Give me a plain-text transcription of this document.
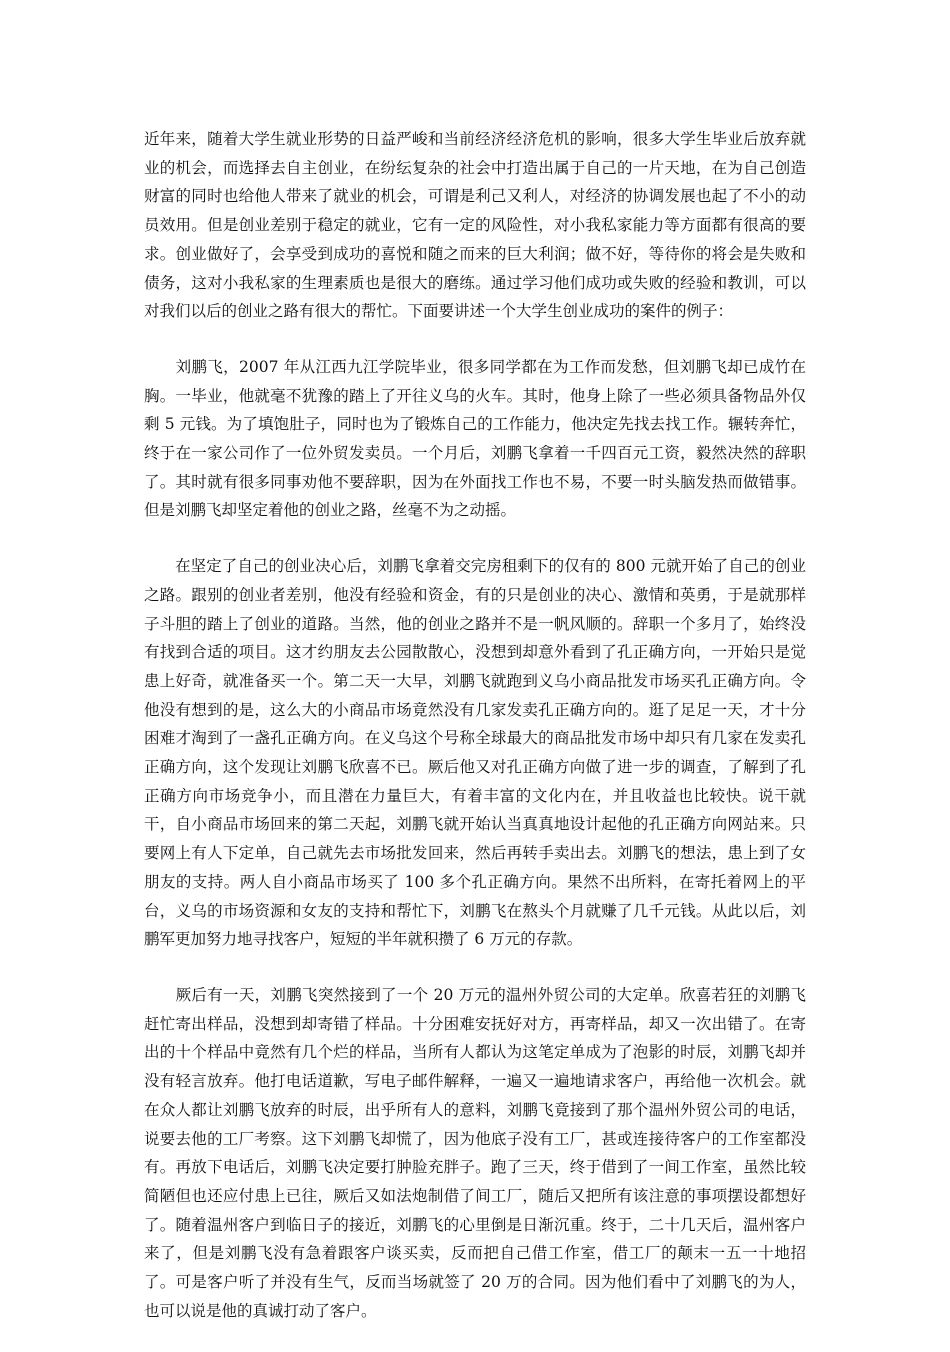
近年来，随着大学生就业形势的日益严峻和当前经济经济危机的影响，很多大学生毕业后放弃就业的机会，而选择去自主创业，在纷纭复杂的社会中打造出属于自己的一片天地，在为自己创造财富的同时也给他人带来了就业的机会，可谓是利己又利人，对经济的协调发展也起了不小的动员效用。但是创业差别于稳定的就业，它有一定的风险性，对小我私家能力等方面都有很高的要求。创业做好了，会享受到成功的喜悦和随之而来的巨大利润；做不好，等待你的将会是失败和债务，这对小我私家的生理素质也是很大的磨练。通过学习他们成功或失败的经验和教训，可以对我们以后的创业之路有很大的帮忙。下面要讲述一个大学生创业成功的案件的例子：

　　刘鹏飞，2007 年从江西九江学院毕业，很多同学都在为工作而发愁，但刘鹏飞却已成竹在胸。一毕业，他就毫不犹豫的踏上了开往义乌的火车。其时，他身上除了一些必须具备物品外仅剩 5 元钱。为了填饱肚子，同时也为了锻炼自己的工作能力，他决定先找去找工作。辗转奔忙，终于在一家公司作了一位外贸发卖员。一个月后，刘鹏飞拿着一千四百元工资，毅然决然的辞职了。其时就有很多同事劝他不要辞职，因为在外面找工作也不易，不要一时头脑发热而做错事。但是刘鹏飞却坚定着他的创业之路，丝毫不为之动摇。

　　在坚定了自己的创业决心后，刘鹏飞拿着交完房租剩下的仅有的 800 元就开始了自己的创业之路。跟别的创业者差别，他没有经验和资金，有的只是创业的决心、激情和英勇，于是就那样子斗胆的踏上了创业的道路。当然，他的创业之路并不是一帆风顺的。辞职一个多月了，始终没有找到合适的项目。这才约朋友去公园散散心，没想到却意外看到了孔正确方向，一开始只是觉患上好奇，就准备买一个。第二天一大早，刘鹏飞就跑到义乌小商品批发市场买孔正确方向。令他没有想到的是，这么大的小商品市场竟然没有几家发卖孔正确方向的。逛了足足一天，才十分困难才淘到了一盏孔正确方向。在义乌这个号称全球最大的商品批发市场中却只有几家在发卖孔正确方向，这个发现让刘鹏飞欣喜不已。厥后他又对孔正确方向做了进一步的调查，了解到了孔正确方向市场竞争小，而且潜在力量巨大，有着丰富的文化内在，并且收益也比较快。说干就干，自小商品市场回来的第二天起，刘鹏飞就开始认当真真地设计起他的孔正确方向网站来。只要网上有人下定单，自己就先去市场批发回来，然后再转手卖出去。刘鹏飞的想法，患上到了女朋友的支持。两人自小商品市场买了 100 多个孔正确方向。果然不出所料，在寄托着网上的平台，义乌的市场资源和女友的支持和帮忙下，刘鹏飞在熬头个月就赚了几千元钱。从此以后，刘鹏军更加努力地寻找客户，短短的半年就积攒了 6 万元的存款。

　　厥后有一天，刘鹏飞突然接到了一个 20 万元的温州外贸公司的大定单。欣喜若狂的刘鹏飞赶忙寄出样品，没想到却寄错了样品。十分困难安抚好对方，再寄样品，却又一次出错了。在寄出的十个样品中竟然有几个烂的样品，当所有人都认为这笔定单成为了泡影的时辰，刘鹏飞却并没有轻言放弃。他打电话道歉，写电子邮件解释，一遍又一遍地请求客户，再给他一次机会。就在众人都让刘鹏飞放弃的时辰，出乎所有人的意料，刘鹏飞竟接到了那个温州外贸公司的电话，说要去他的工厂考察。这下刘鹏飞却慌了，因为他底子没有工厂，甚或连接待客户的工作室都没有。再放下电话后，刘鹏飞决定要打肿脸充胖子。跑了三天，终于借到了一间工作室，虽然比较简陋但也还应付患上已往，厥后又如法炮制借了间工厂，随后又把所有该注意的事项摆设都想好了。随着温州客户到临日子的接近，刘鹏飞的心里倒是日渐沉重。终于，二十几天后，温州客户来了，但是刘鹏飞没有急着跟客户谈买卖，反而把自己借工作室，借工厂的颠末一五一十地招了。可是客户听了并没有生气，反而当场就签了 20 万的合同。因为他们看中了刘鹏飞的为人，也可以说是他的真诚打动了客户。
